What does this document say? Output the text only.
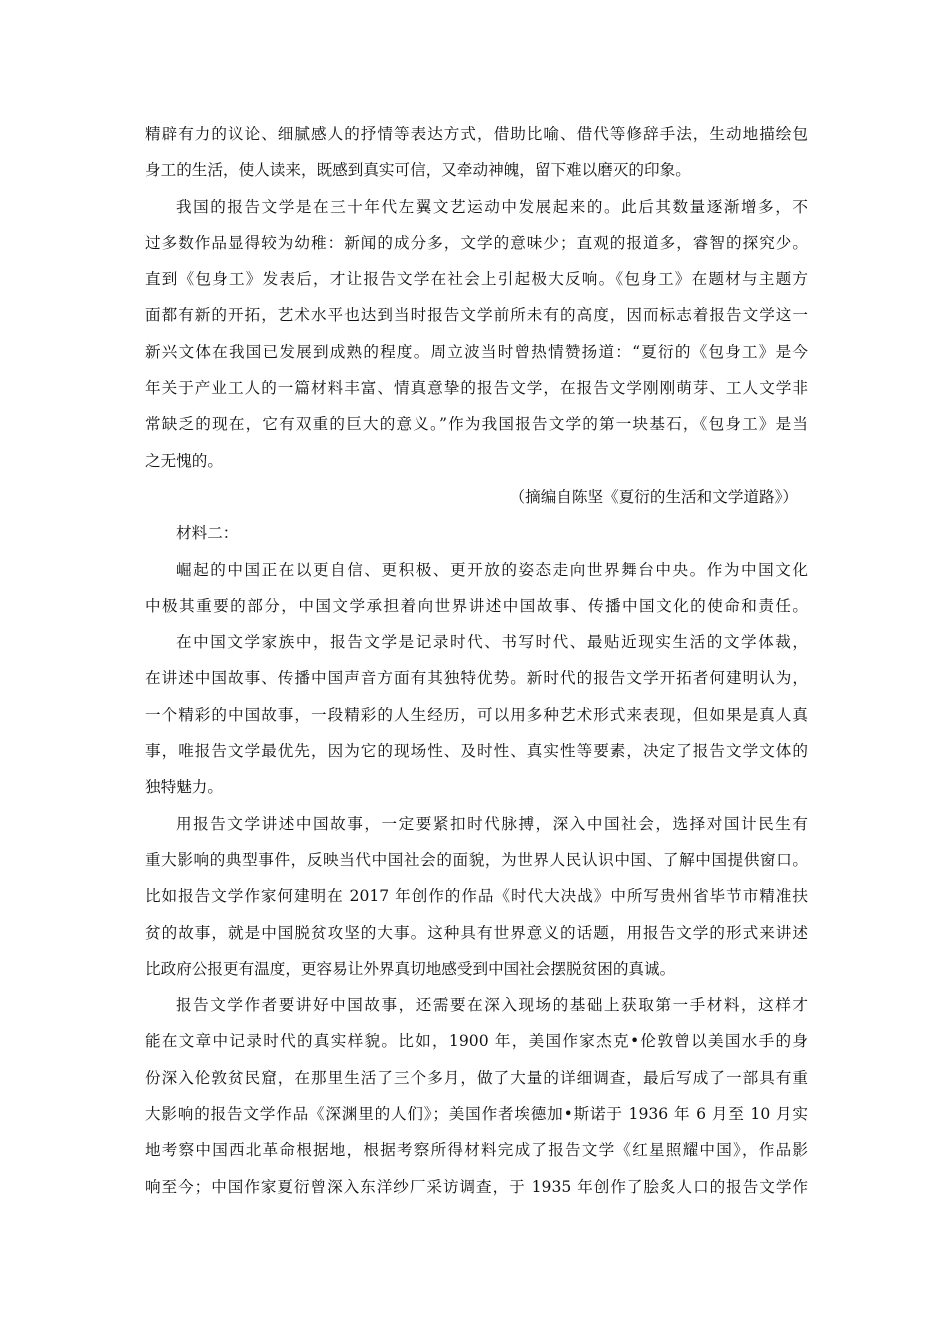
精辟有力的议论、细腻感人的抒情等表达方式，借助比喻、借代等修辞手法，生动地描绘包
身工的生活，使人读来，既感到真实可信，又牵动神魄，留下难以磨灭的印象。
我国的报告文学是在三十年代左翼文艺运动中发展起来的。此后其数量逐渐增多，不
过多数作品显得较为幼稚：新闻的成分多，文学的意味少；直观的报道多，睿智的探究少。
直到《包身工》发表后，才让报告文学在社会上引起极大反响。《包身工》在题材与主题方
面都有新的开拓，艺术水平也达到当时报告文学前所未有的高度，因而标志着报告文学这一
新兴文体在我国已发展到成熟的程度。周立波当时曾热情赞扬道：“夏衍的《包身工》是今
年关于产业工人的一篇材料丰富、情真意挚的报告文学，在报告文学刚刚萌芽、工人文学非
常缺乏的现在，它有双重的巨大的意义。”作为我国报告文学的第一块基石，《包身工》是当
之无愧的。
（摘编自陈坚《夏衍的生活和文学道路》）
材料二：
崛起的中国正在以更自信、更积极、更开放的姿态走向世界舞台中央。作为中国文化
中极其重要的部分，中国文学承担着向世界讲述中国故事、传播中国文化的使命和责任。
在中国文学家族中，报告文学是记录时代、书写时代、最贴近现实生活的文学体裁，
在讲述中国故事、传播中国声音方面有其独特优势。新时代的报告文学开拓者何建明认为，
一个精彩的中国故事，一段精彩的人生经历，可以用多种艺术形式来表现，但如果是真人真
事，唯报告文学最优先，因为它的现场性、及时性、真实性等要素，决定了报告文学文体的
独特魅力。
用报告文学讲述中国故事，一定要紧扣时代脉搏，深入中国社会，选择对国计民生有
重大影响的典型事件，反映当代中国社会的面貌，为世界人民认识中国、了解中国提供窗口。
比如报告文学作家何建明在 2017 年创作的作品《时代大决战》中所写贵州省毕节市精准扶
贫的故事，就是中国脱贫攻坚的大事。这种具有世界意义的话题，用报告文学的形式来讲述
比政府公报更有温度，更容易让外界真切地感受到中国社会摆脱贫困的真诚。
报告文学作者要讲好中国故事，还需要在深入现场的基础上获取第一手材料，这样才
能在文章中记录时代的真实样貌。比如，1900 年，美国作家杰克•伦敦曾以美国水手的身
份深入伦敦贫民窟，在那里生活了三个多月，做了大量的详细调查，最后写成了一部具有重
大影响的报告文学作品《深渊里的人们》；美国作者埃德加•斯诺于 1936 年 6 月至 10 月实
地考察中国西北革命根据地，根据考察所得材料完成了报告文学《红星照耀中国》，作品影
响至今；中国作家夏衍曾深入东洋纱厂采访调查，于 1935 年创作了脍炙人口的报告文学作
